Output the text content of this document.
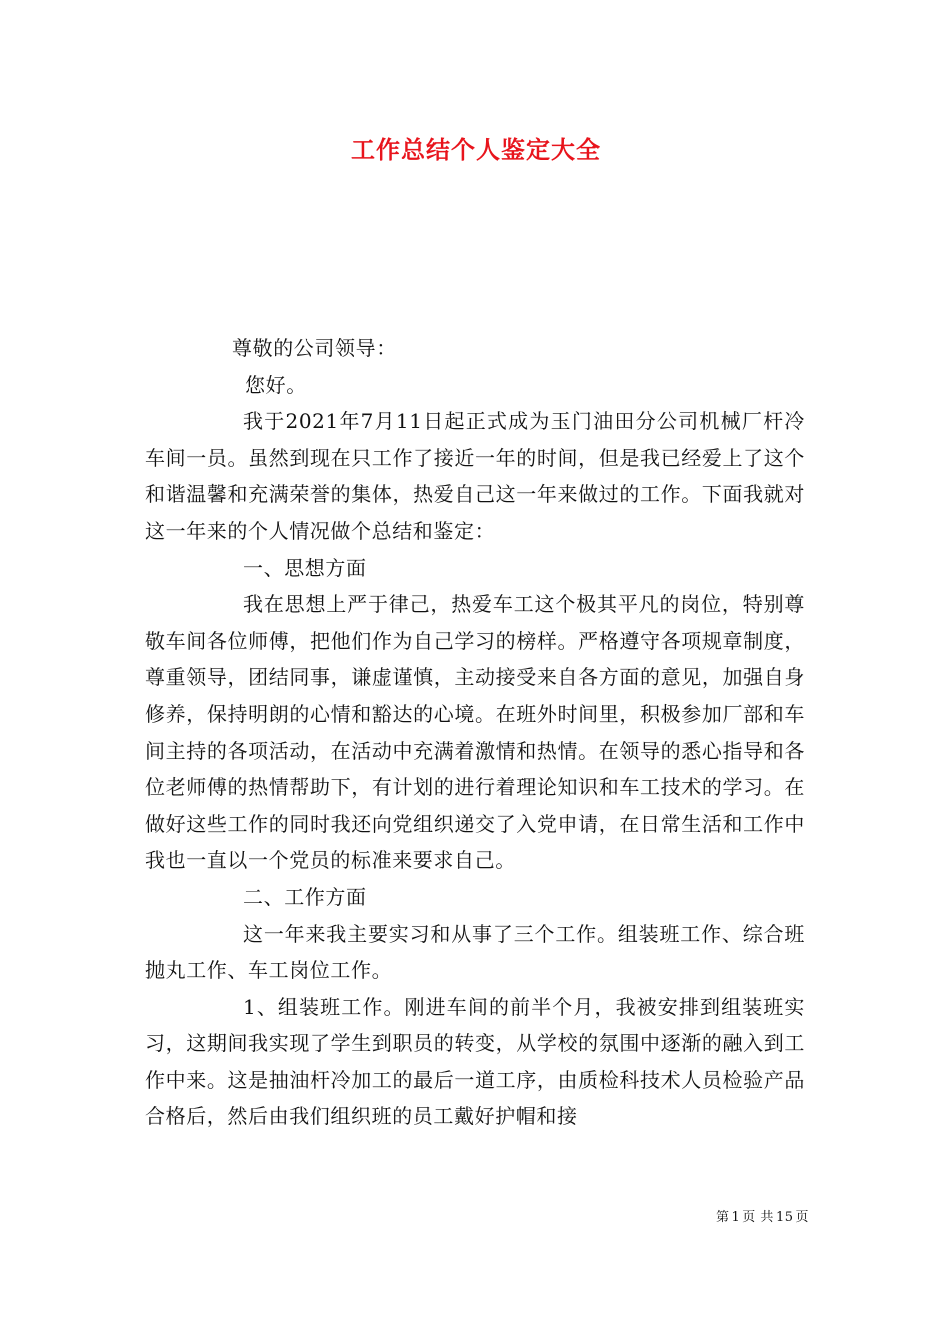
工作总结个人鉴定大全

尊敬的公司领导：

您好。

我于2021年7月11日起正式成为玉门油田分公司机械厂杆冷车间一员。虽然到现在只工作了接近一年的时间，但是我已经爱上了这个和谐温馨和充满荣誉的集体，热爱自己这一年来做过的工作。下面我就对这一年来的个人情况做个总结和鉴定：

一、思想方面

我在思想上严于律己，热爱车工这个极其平凡的岗位，特别尊敬车间各位师傅，把他们作为自己学习的榜样。严格遵守各项规章制度，尊重领导，团结同事，谦虚谨慎，主动接受来自各方面的意见，加强自身修养，保持明朗的心情和豁达的心境。在班外时间里，积极参加厂部和车间主持的各项活动，在活动中充满着激情和热情。在领导的悉心指导和各位老师傅的热情帮助下，有计划的进行着理论知识和车工技术的学习。在做好这些工作的同时我还向党组织递交了入党申请，在日常生活和工作中我也一直以一个党员的标准来要求自己。

二、工作方面

这一年来我主要实习和从事了三个工作。组装班工作、综合班抛丸工作、车工岗位工作。

1、组装班工作。刚进车间的前半个月，我被安排到组装班实习，这期间我实现了学生到职员的转变，从学校的氛围中逐渐的融入到工作中来。这是抽油杆冷加工的最后一道工序，由质检科技术人员检验产品合格后，然后由我们组织班的员工戴好护帽和接

第 1 页 共 15 页
